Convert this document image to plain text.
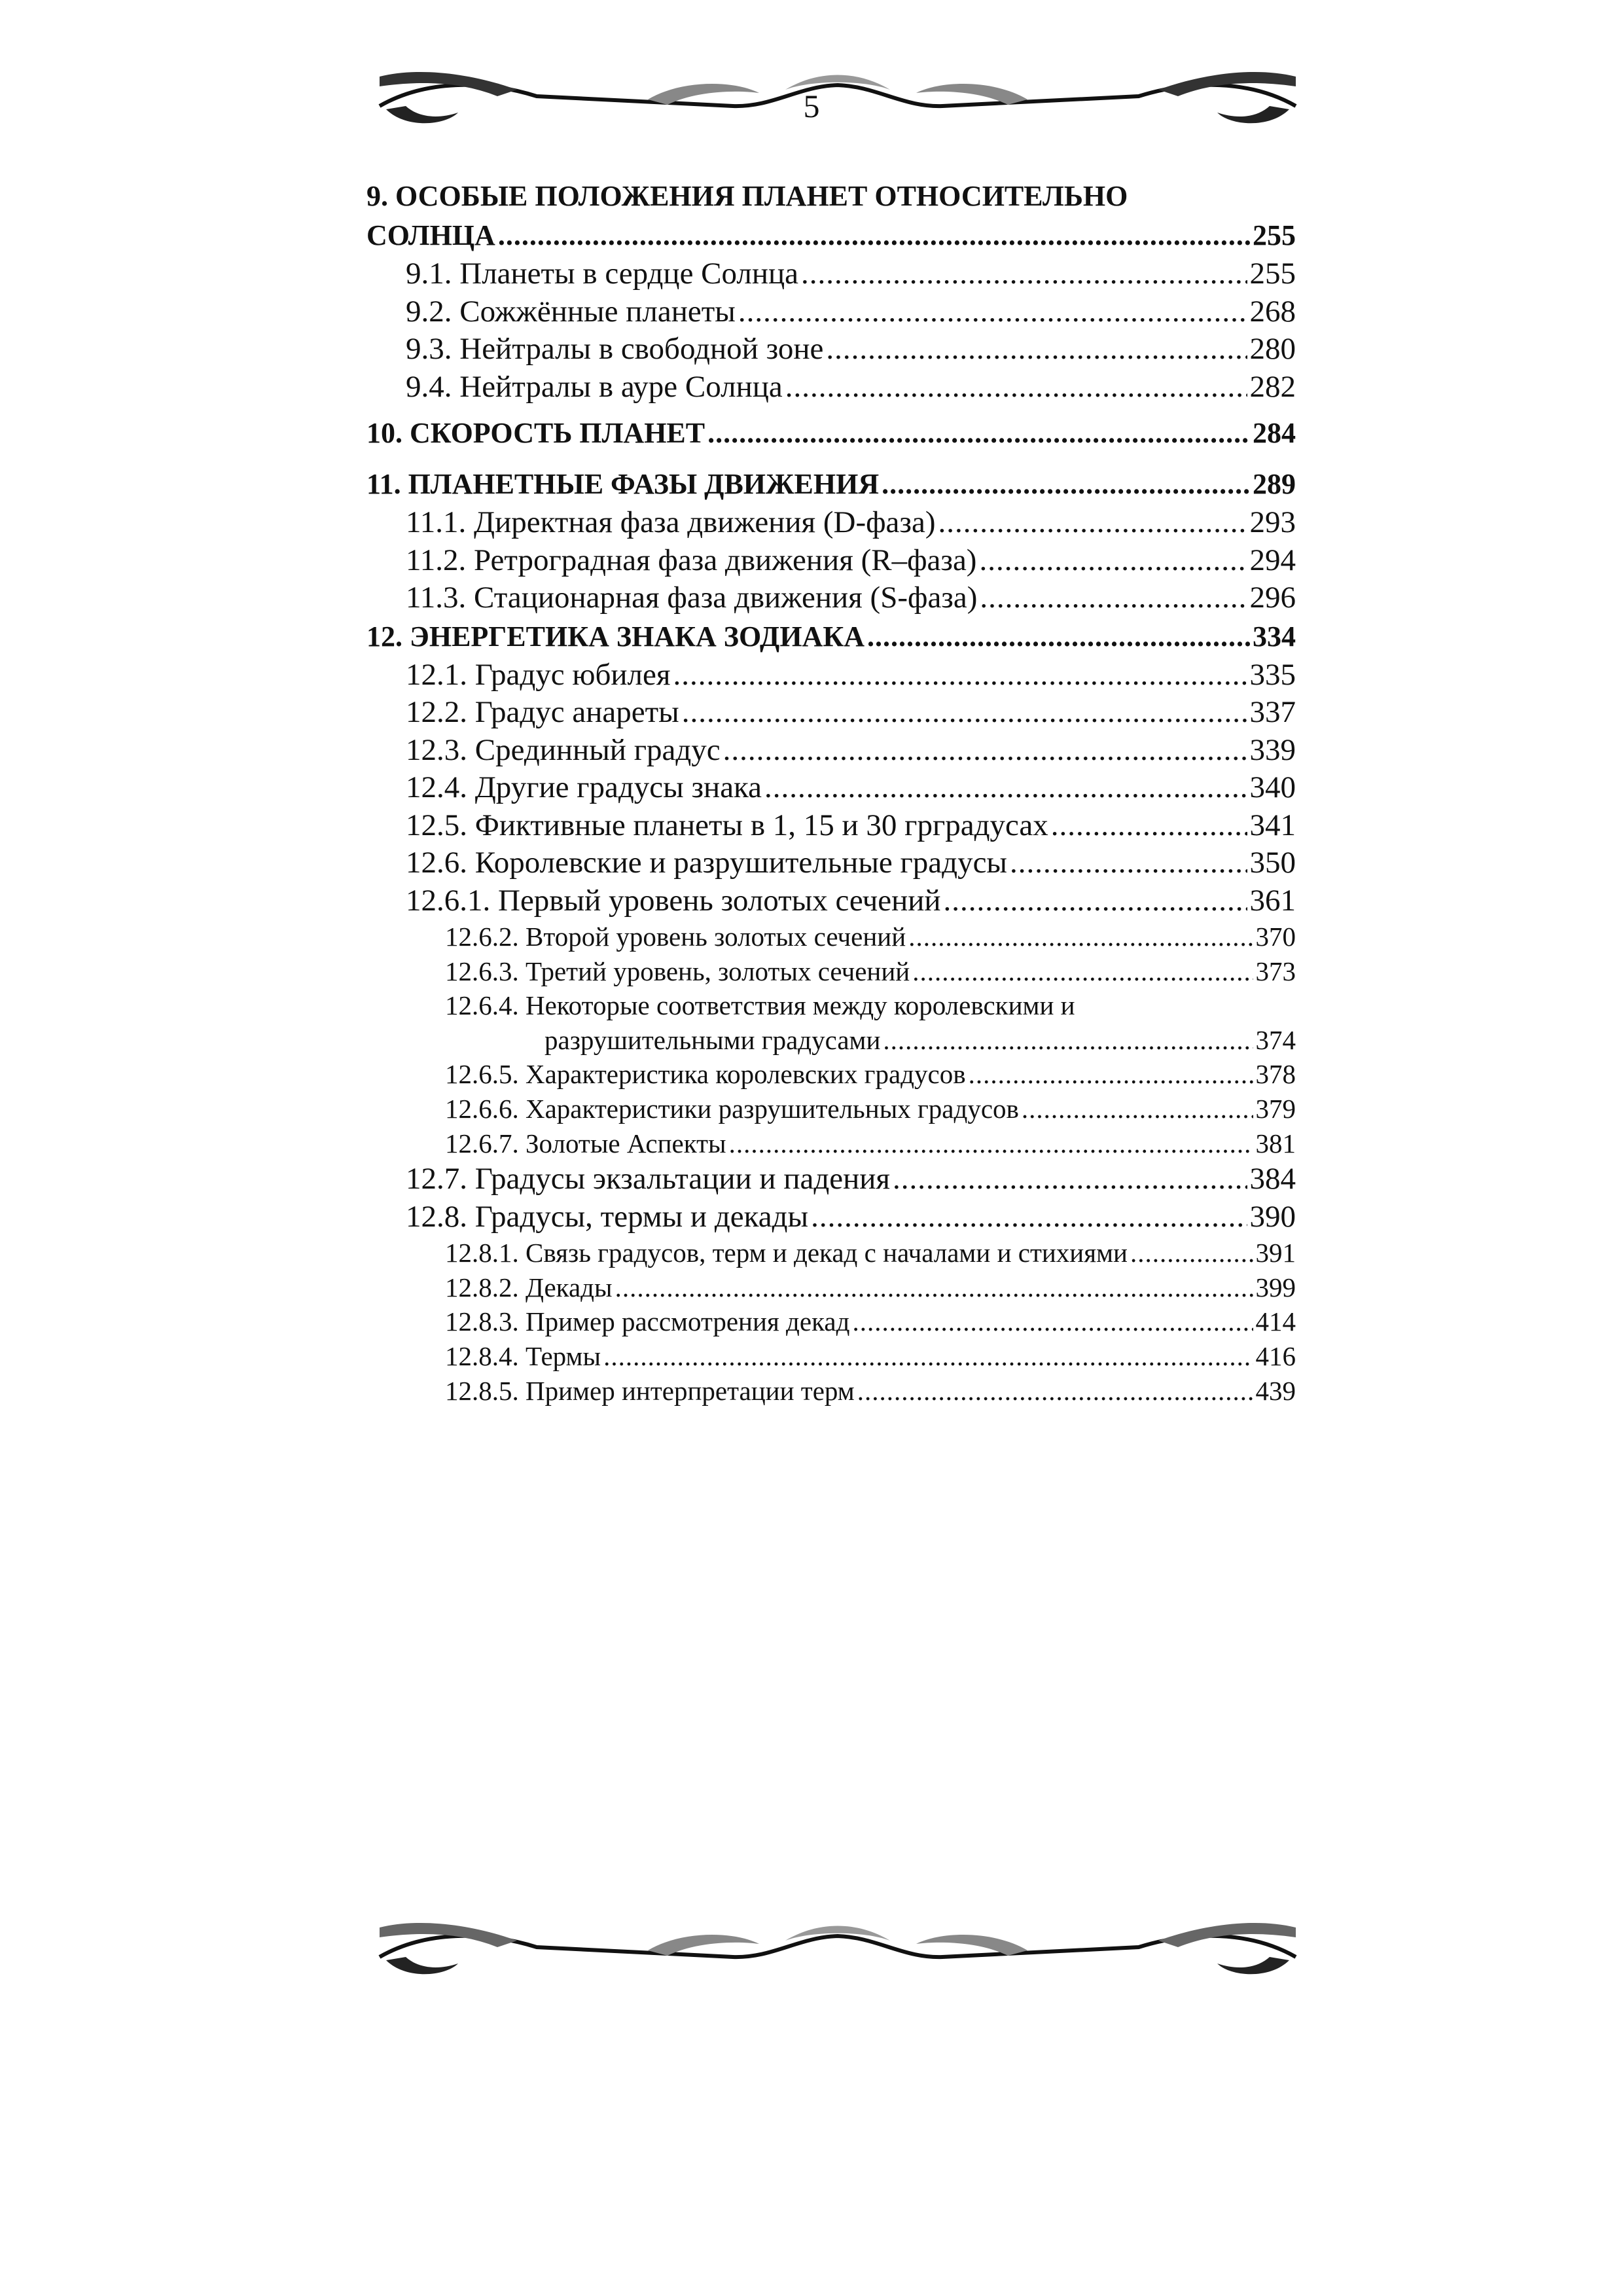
5
9. ОСОБЫЕ ПОЛОЖЕНИЯ ПЛАНЕТ ОТНОСИТЕЛЬНО
СОЛНЦА .....	255
9.1. Планеты в сердце Солнца .....	255
9.2. Сожжённые планеты .....	268
9.3. Нейтралы в свободной зоне .....	280
9.4. Нейтралы в ауре Солнца .....	282
10. СКОРОСТЬ ПЛАНЕТ .....	284
11. ПЛАНЕТНЫЕ ФАЗЫ ДВИЖЕНИЯ .....	289
11.1. Директная фаза движения (D-фаза) .....	293
11.2. Ретроградная фаза движения (R–фаза) .....	294
11.3. Стационарная фаза движения (S-фаза) .....	296
12. ЭНЕРГЕТИКА ЗНАКА ЗОДИАКА .....	334
12.1. Градус юбилея .....	335
12.2. Градус анареты .....	337
12.3. Срединный градус .....	339
12.4. Другие градусы знака .....	340
12.5. Фиктивные планеты в 1, 15 и 30 грградусах .....	341
12.6. Королевские и разрушительные градусы .....	350
12.6.1. Первый уровень золотых сечений .....	361
12.6.2. Второй уровень золотых сечений .....	370
12.6.3. Третий уровень, золотых сечений .....	373
12.6.4. Некоторые соответствия между королевскими и
разрушительными градусами .....	374
12.6.5. Характеристика королевских градусов .....	378
12.6.6. Характеристики разрушительных градусов .....	379
12.6.7. Золотые Аспекты .....	381
12.7. Градусы экзальтации и падения .....	384
12.8. Градусы, термы и декады .....	390
12.8.1. Связь градусов, терм и декад с началами и стихиями .....	391
12.8.2. Декады .....	399
12.8.3. Пример рассмотрения декад .....	414
12.8.4. Термы .....	416
12.8.5. Пример интерпретации терм .....	439
